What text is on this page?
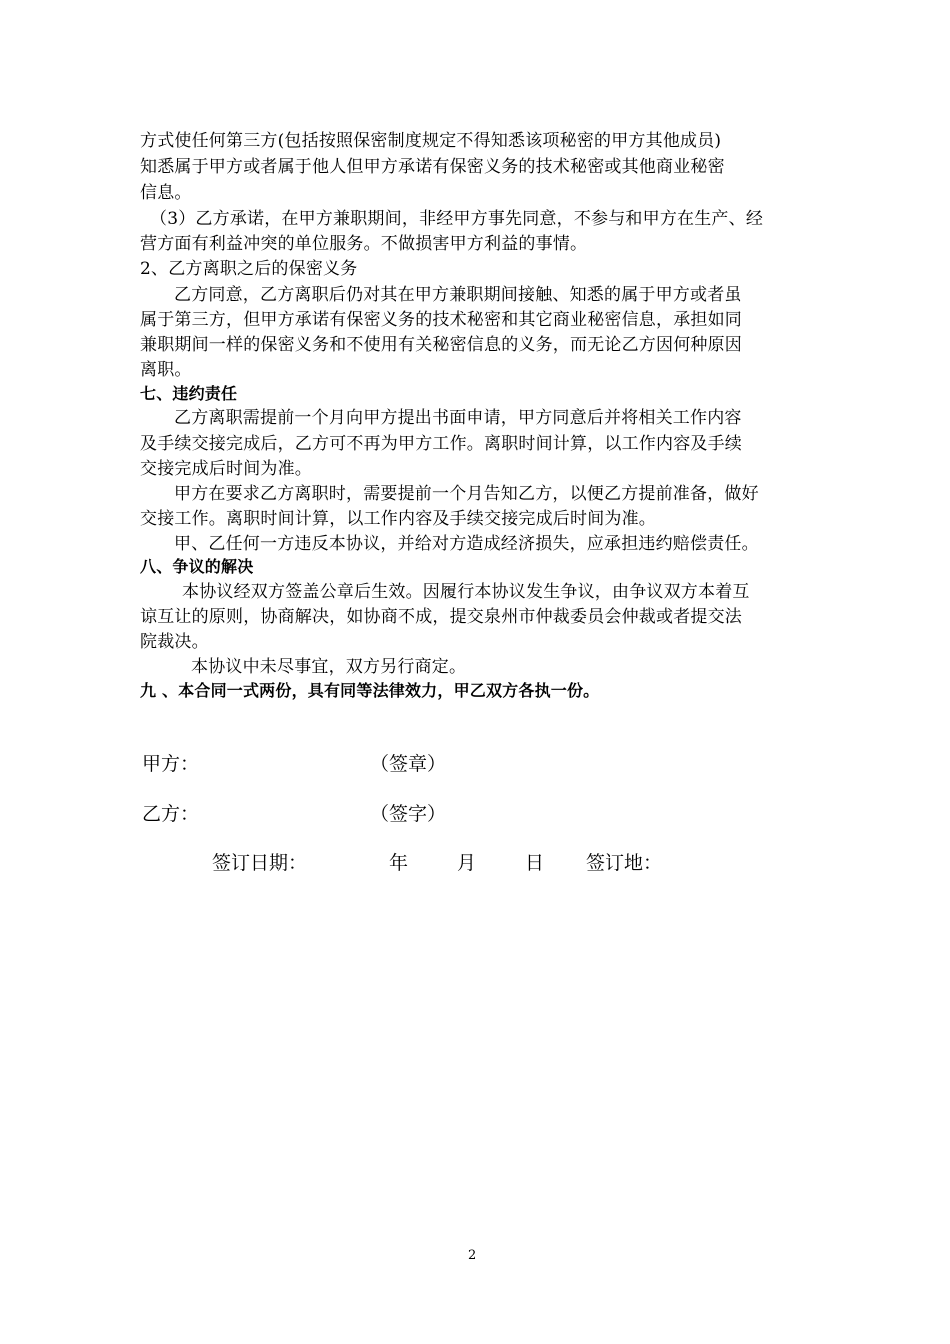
方式使任何第三方(包括按照保密制度规定不得知悉该项秘密的甲方其他成员)
知悉属于甲方或者属于他人但甲方承诺有保密义务的技术秘密或其他商业秘密
信息。
（3）乙方承诺，在甲方兼职期间，非经甲方事先同意，不参与和甲方在生产、经
营方面有利益冲突的单位服务。不做损害甲方利益的事情。
2、乙方离职之后的保密义务
乙方同意，乙方离职后仍对其在甲方兼职期间接触、知悉的属于甲方或者虽
属于第三方，但甲方承诺有保密义务的技术秘密和其它商业秘密信息，承担如同
兼职期间一样的保密义务和不使用有关秘密信息的义务，而无论乙方因何种原因
离职。
七、违约责任
乙方离职需提前一个月向甲方提出书面申请，甲方同意后并将相关工作内容
及手续交接完成后，乙方可不再为甲方工作。离职时间计算，以工作内容及手续
交接完成后时间为准。
甲方在要求乙方离职时，需要提前一个月告知乙方，以便乙方提前准备，做好
交接工作。离职时间计算，以工作内容及手续交接完成后时间为准。
甲、乙任何一方违反本协议，并给对方造成经济损失，应承担违约赔偿责任。
八、争议的解决
本协议经双方签盖公章后生效。因履行本协议发生争议，由争议双方本着互
谅互让的原则，协商解决，如协商不成，提交泉州市仲裁委员会仲裁或者提交法
院裁决。
本协议中未尽事宜，双方另行商定。
九 、本合同一式两份，具有同等法律效力，甲乙双方各执一份。
甲方：	（签章）
乙方：	（签字）
签订日期：	年	月	日 签订地：
2
